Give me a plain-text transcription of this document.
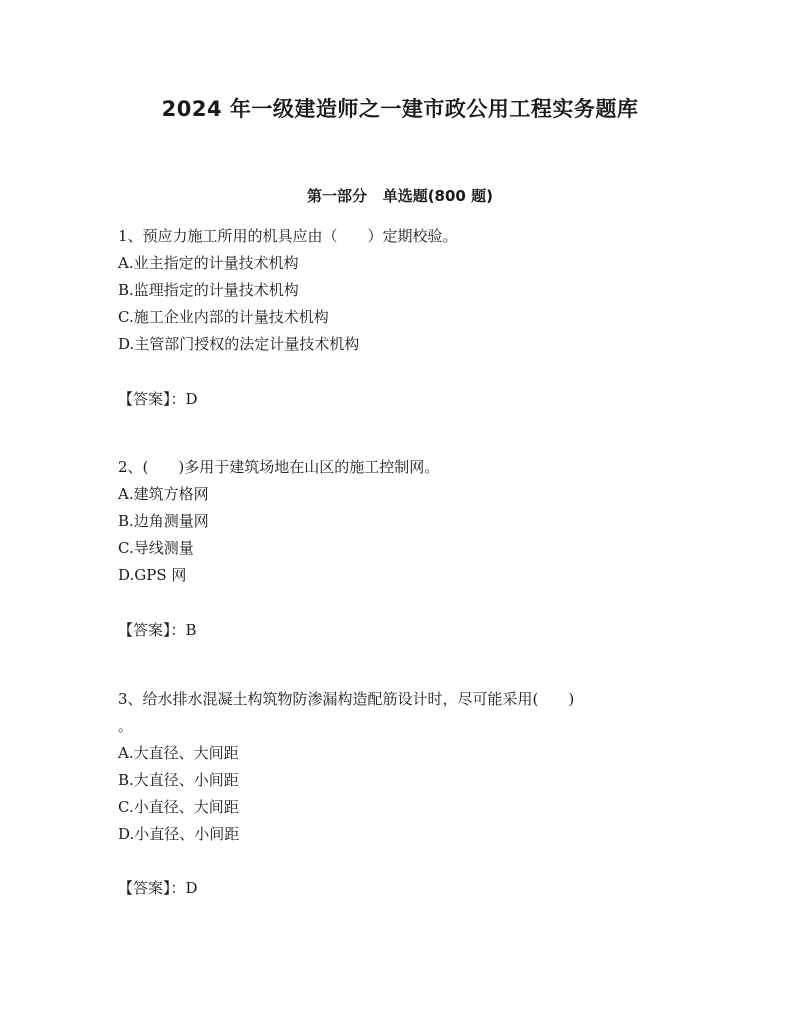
2024 年一级建造师之一建市政公用工程实务题库
第一部分   单选题(800 题)

1、预应力施工所用的机具应由（　　）定期校验。

A.业主指定的计量技术机构
B.监理指定的计量技术机构
C.施工企业内部的计量技术机构
D.主管部门授权的法定计量技术机构
【答案】：D

2、(　　)多用于建筑场地在山区的施工控制网。

A.建筑方格网
B.边角测量网
C.导线测量
D.GPS 网
【答案】：B

3、给水排水混凝土构筑物防渗漏构造配筋设计时，尽可能采用(　　)
。

A.大直径、大间距
B.大直径、小间距
C.小直径、大间距
D.小直径、小间距
【答案】：D
